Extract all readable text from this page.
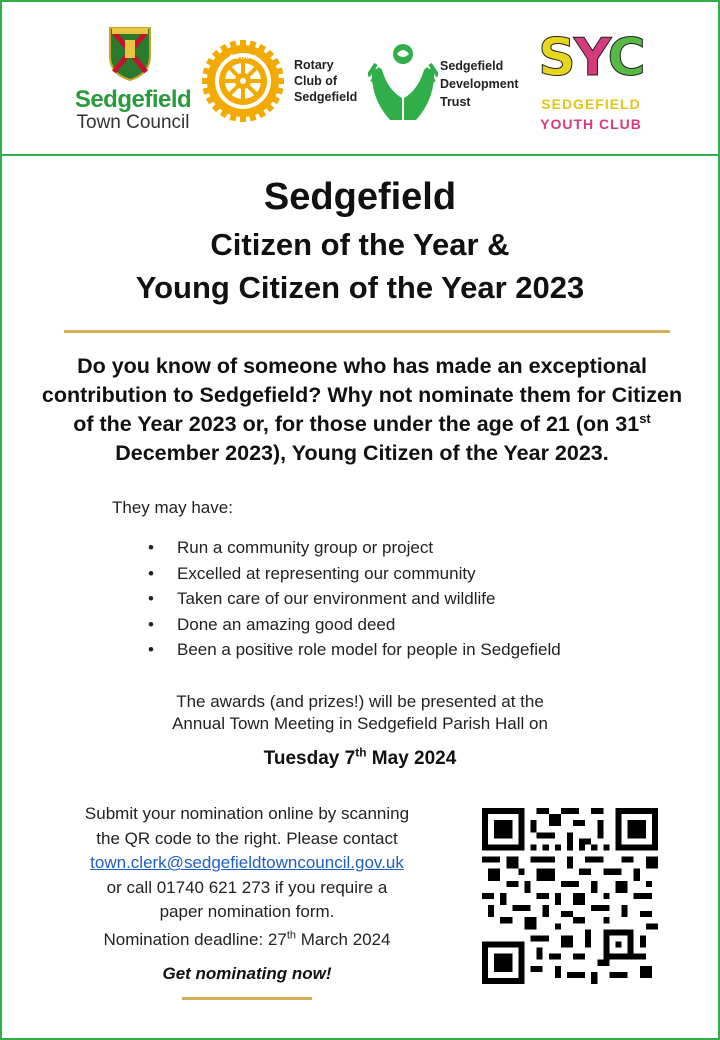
Sedgefield
Town Council
ROTARY
Rotary
Club of
Sedgefield
Sedgefield
Development
Trust
SYC
SEDGEFIELD
YOUTH CLUB
Sedgefield
Citizen of the Year &
Young Citizen of the Year 2023
Do you know of someone who has made an exceptional contribution to Sedgefield? Why not nominate them for Citizen of the Year 2023 or, for those under the age of 21 (on 31st December 2023), Young Citizen of the Year 2023.
They may have:
• Run a community group or project
• Excelled at representing our community
• Taken care of our environment and wildlife
• Done an amazing good deed
• Been a positive role model for people in Sedgefield
The awards (and prizes!) will be presented at the
Annual Town Meeting in Sedgefield Parish Hall on
Tuesday 7th May 2024
Submit your nomination online by scanning
the QR code to the right. Please contact
town.clerk@sedgefieldtowncouncil.gov.uk
or call 01740 621 273 if you require a
paper nomination form.
Nomination deadline: 27th March 2024
Get nominating now!
